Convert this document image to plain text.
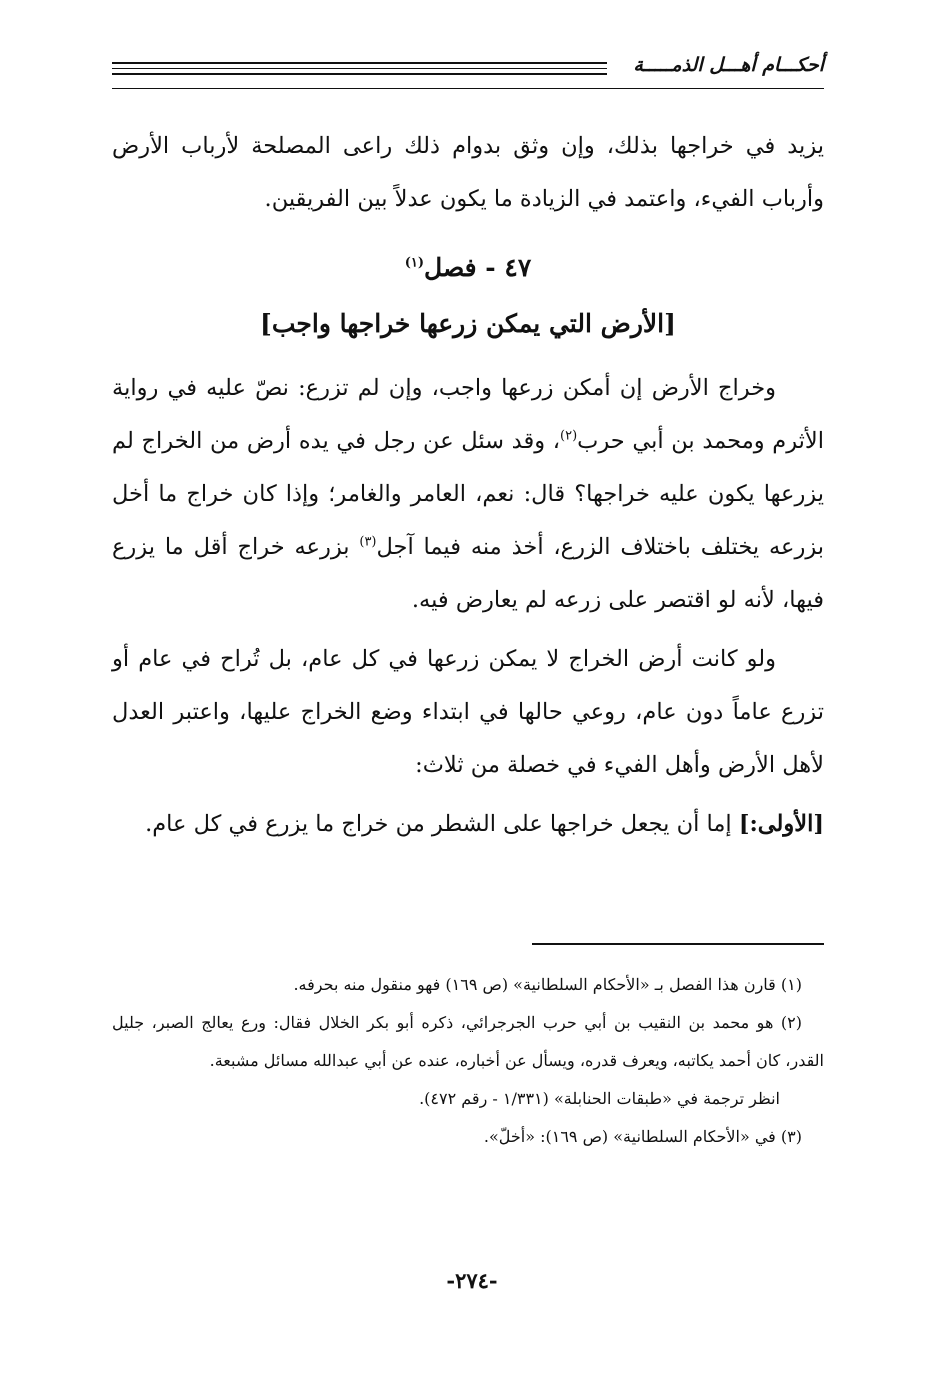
أحكـــام أهـــل الذمـــــة

يزيد في خراجها بذلك، وإن وثق بدوام ذلك راعى المصلحة لأرباب الأرض وأرباب الفيء، واعتمد في الزيادة ما يكون عدلاً بين الفريقين.

٤٧ - فصل$^{(١)}$
[الأرض التي يمكن زرعها خراجها واجب]

وخراج الأرض إن أمكن زرعها واجب، وإن لم تزرع: نصّ عليه في رواية الأثرم ومحمد بن أبي حرب$^{(٢)}$، وقد سئل عن رجل في يده أرض من الخراج لم يزرعها يكون عليه خراجها؟ قال: نعم، العامر والغامر؛ وإذا كان خراج ما أخل بزرعه يختلف باختلاف الزرع، أخذ منه فيما آجل$^{(٣)}$ بزرعه خراج أقل ما يزرع فيها، لأنه لو اقتصر على زرعه لم يعارض فيه.

ولو كانت أرض الخراج لا يمكن زرعها في كل عام، بل تُراح في عام أو تزرع عاماً دون عام، روعي حالها في ابتداء وضع الخراج عليها، واعتبر العدل لأهل الأرض وأهل الفيء في خصلة من ثلاث:

[الأولى:] إما أن يجعل خراجها على الشطر من خراج ما يزرع في كل عام.

(١) قارن هذا الفصل بـ «الأحكام السلطانية» (ص ١٦٩) فهو منقول منه بحرفه.

(٢) هو محمد بن النقيب بن أبي حرب الجرجرائي، ذكره أبو بكر الخلال فقال: ورع يعالج الصبر، جليل القدر، كان أحمد يكاتبه، ويعرف قدره، ويسأل عن أخباره، عنده عن أبي عبدالله مسائل مشبعة.

انظر ترجمة في «طبقات الحنابلة» (١/٣٣١ - رقم ٤٧٢).

(٣) في «الأحكام السلطانية» (ص ١٦٩): «أخلّ».

-٢٧٤-
